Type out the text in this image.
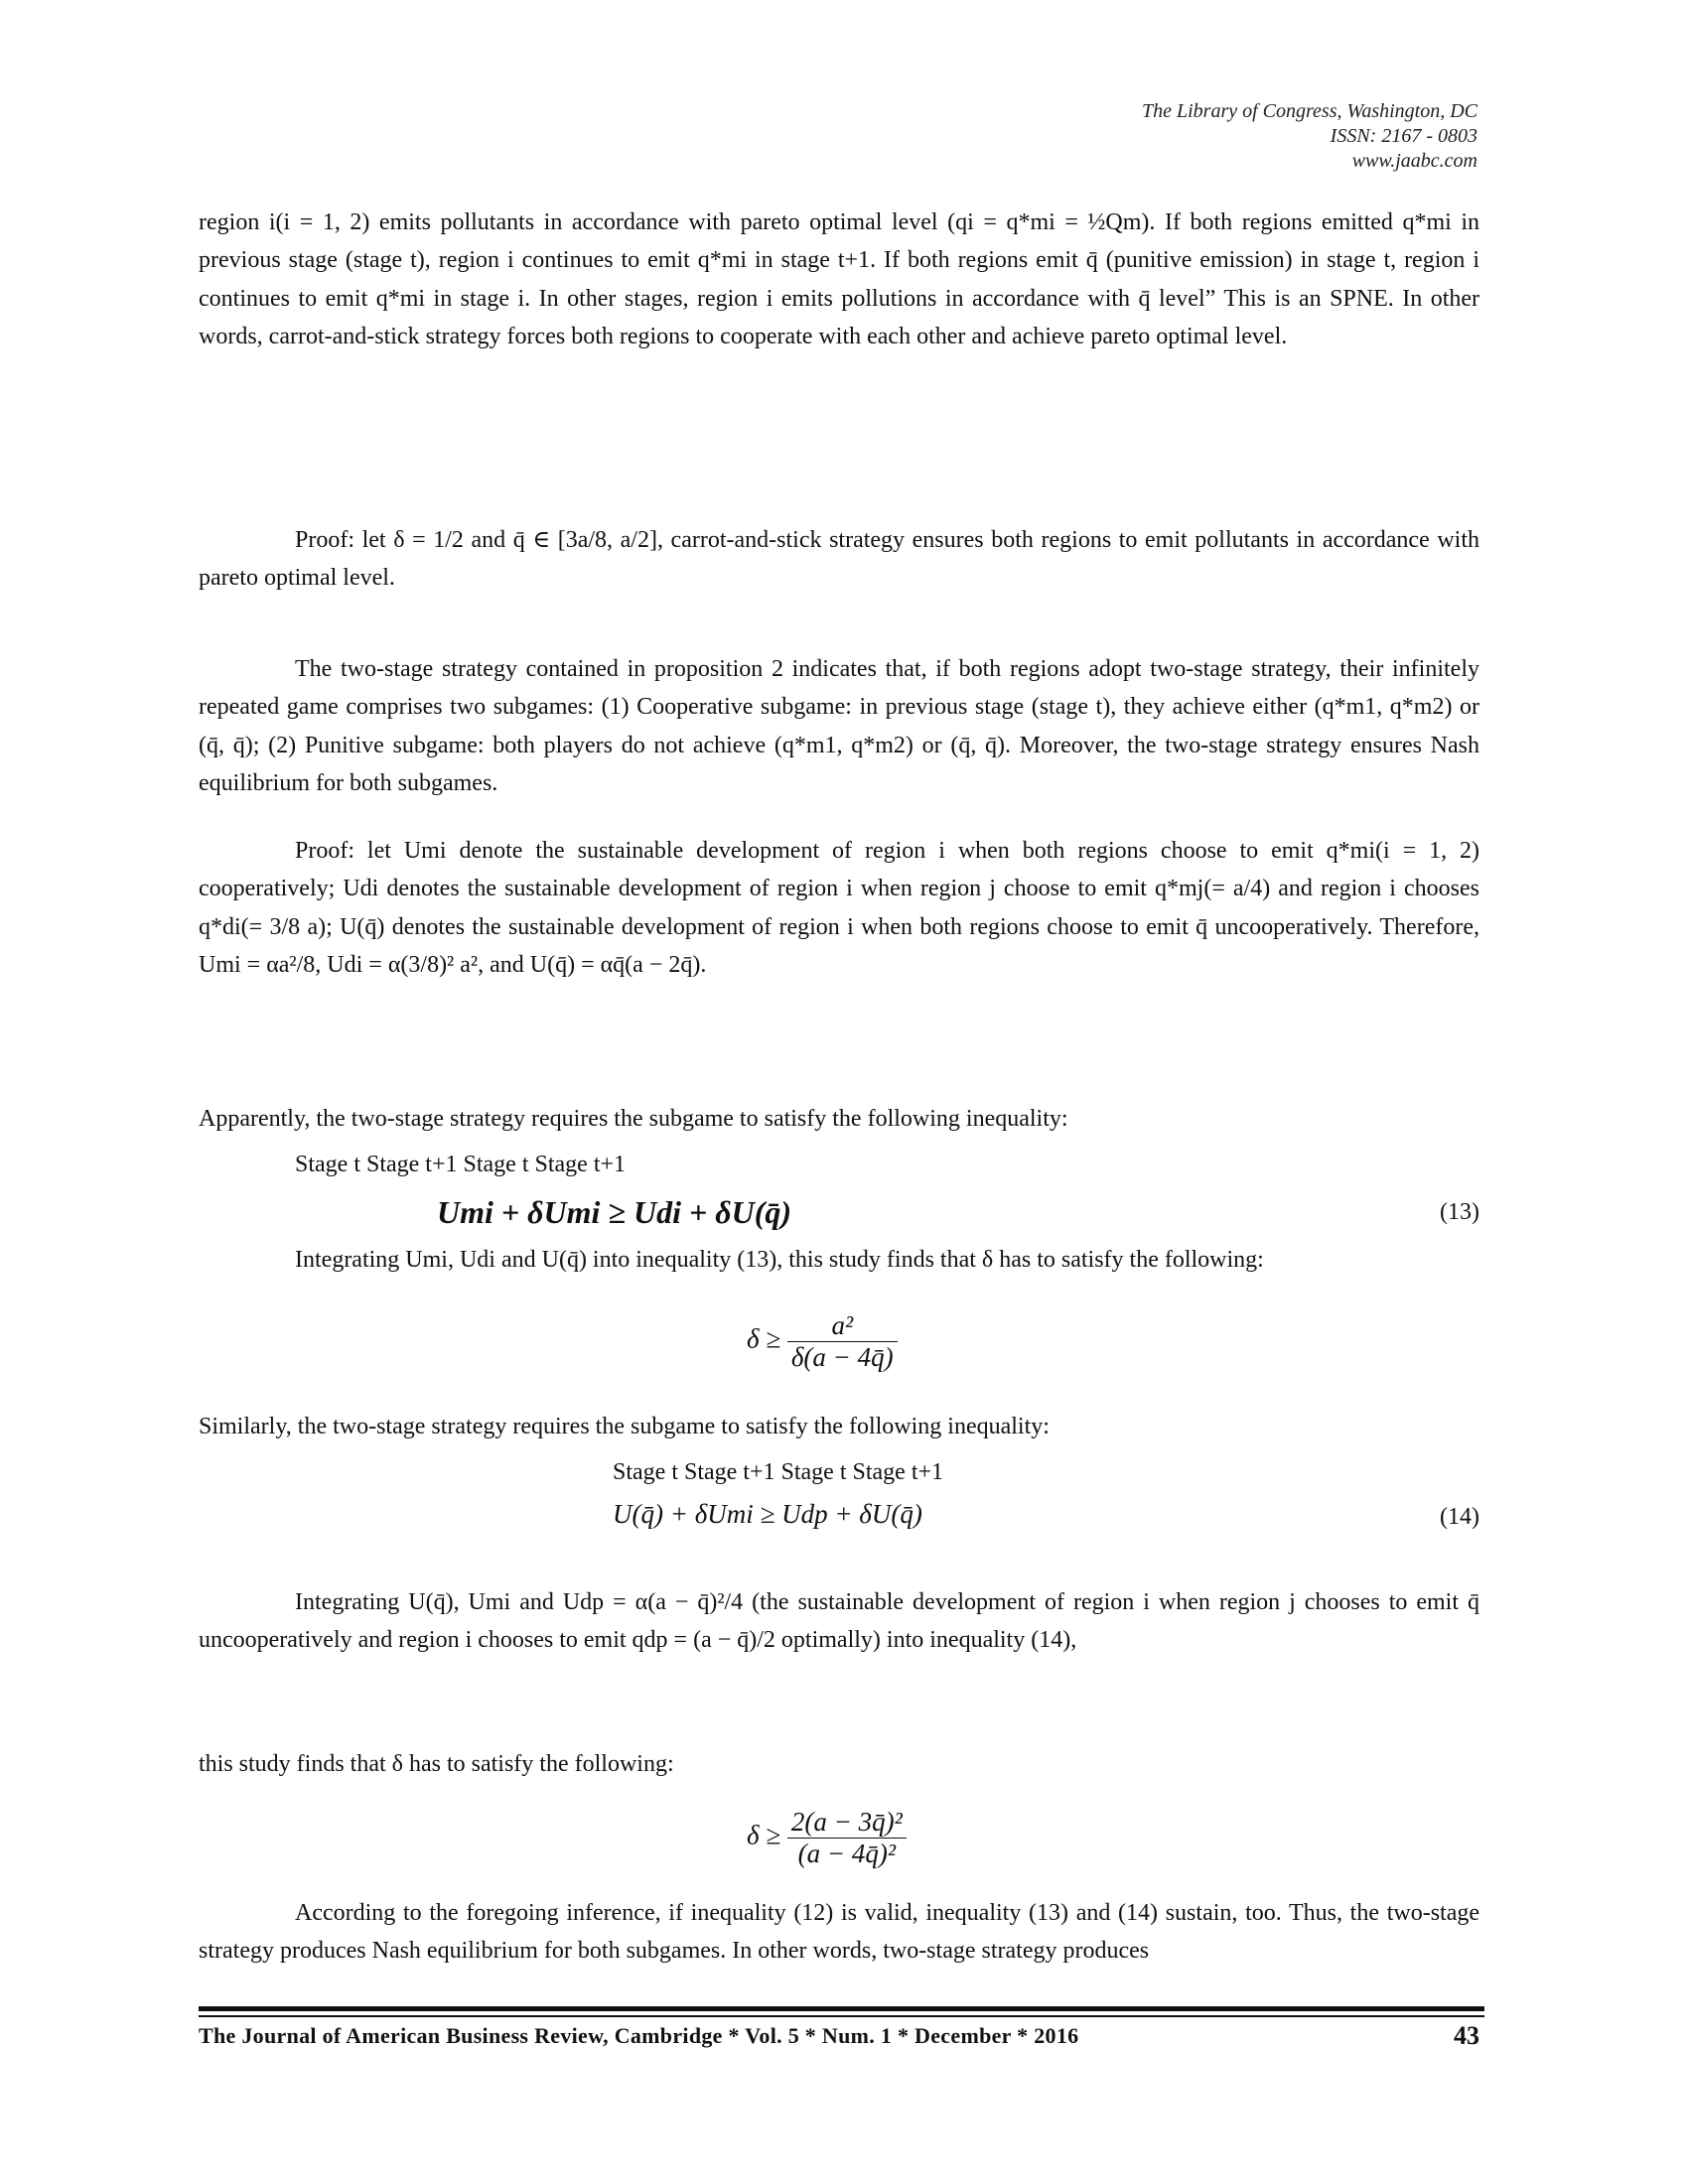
The Library of Congress, Washington, DC
ISSN: 2167 - 0803
www.jaabc.com
region i(i = 1, 2) emits pollutants in accordance with pareto optimal level (qi = q*mi = ½Qm). If both regions emitted q*mi in previous stage (stage t), region i continues to emit q*mi in stage t+1. If both regions emit q̄ (punitive emission) in stage t, region i continues to emit q*mi in stage i. In other stages, region i emits pollutions in accordance with q̄ level” This is an SPNE. In other words, carrot-and-stick strategy forces both regions to cooperate with each other and achieve pareto optimal level.
Proof: let δ = 1/2 and q̄ ∈ [3a/8, a/2], carrot-and-stick strategy ensures both regions to emit pollutants in accordance with pareto optimal level.
The two-stage strategy contained in proposition 2 indicates that, if both regions adopt two-stage strategy, their infinitely repeated game comprises two subgames: (1) Cooperative subgame: in previous stage (stage t), they achieve either (q*m1, q*m2) or (q̄, q̄); (2) Punitive subgame: both players do not achieve (q*m1, q*m2) or (q̄, q̄). Moreover, the two-stage strategy ensures Nash equilibrium for both subgames.
Proof: let Umi denote the sustainable development of region i when both regions choose to emit q*mi(i = 1, 2) cooperatively; Udi denotes the sustainable development of region i when region j choose to emit q*mj(= a/4) and region i chooses q*di(= 3/8 a); U(q̄) denotes the sustainable development of region i when both regions choose to emit q̄ uncooperatively. Therefore, Umi = αa²/8, Udi = α(3/8)² a², and U(q̄) = αq̄(a − 2q̄).
Apparently, the two-stage strategy requires the subgame to satisfy the following inequality:
Stage t Stage t+1 Stage t Stage t+1
Umi + δUmi ≥ Udi + δU(q̄)	(13)
Integrating Umi, Udi and U(q̄) into inequality (13), this study finds that δ has to satisfy the following:
$\delta \ge \frac{\text{a²}}{\delta(a - 4q̄)}$
Similarly, the two-stage strategy requires the subgame to satisfy the following inequality:
Stage t Stage t+1 Stage t Stage t+1
U(q̄) + δUmi ≥ Udp + δU(q̄)	(14)
Integrating U(q̄), Umi and Udp = α(a − q̄)²/4 (the sustainable development of region i when region j chooses to emit q̄ uncooperatively and region i chooses to emit qdp = (a − q̄)/2 optimally) into inequality (14),
this study finds that δ has to satisfy the following:
$\delta \ge \frac{\text{2(a − 3q̄)²}}{\text{(a − 4q̄)²}}$
According to the foregoing inference, if inequality (12) is valid, inequality (13) and (14) sustain, too. Thus, the two-stage strategy produces Nash equilibrium for both subgames. In other words, two-stage strategy produces
The Journal of American Business Review, Cambridge * Vol. 5 * Num. 1 * December * 2016	43
